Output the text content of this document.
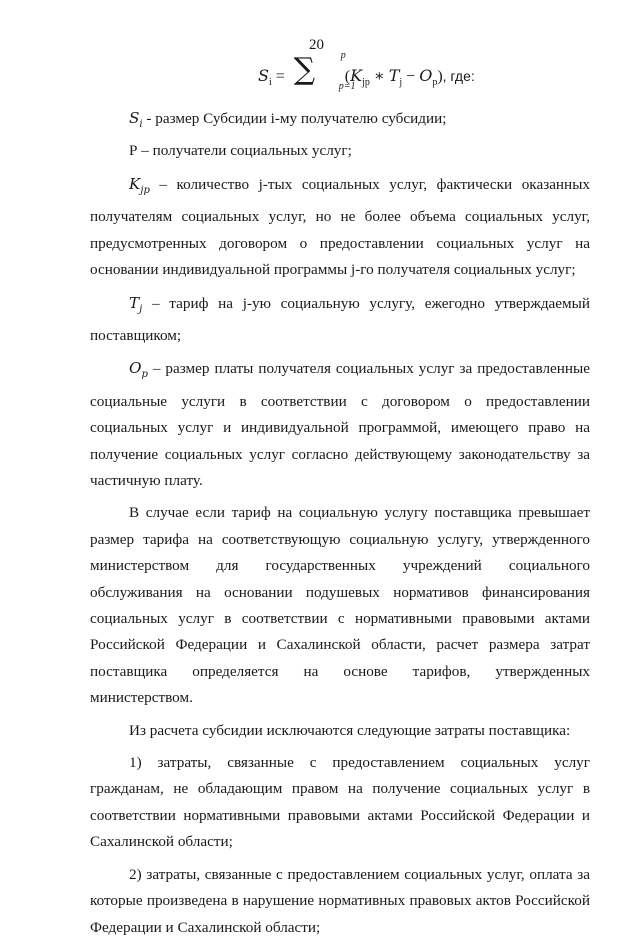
20
$S_i$ = ∑	p
p=1
($K_{jp}$ ∗ $T_j - O_p$), где:

$S_i$ - размер Субсидии i-му получателю субсидии;

Р – получатели социальных услуг;

$K_{jp}$ – количество j-тых социальных услуг, фактически оказанных получателям социальных услуг, но не более объема социальных услуг, предусмотренных договором о предоставлении социальных услуг на основании индивидуальной программы j-го получателя социальных услуг;

$T_j$ – тариф на j-ую социальную услугу, ежегодно утверждаемый поставщиком;

$O_p$ – размер платы получателя социальных услуг за предоставленные социальные услуги в соответствии с договором о предоставлении социальных услуг и индивидуальной программой, имеющего право на получение социальных услуг согласно действующему законодательству за частичную плату.

В случае если тариф на социальную услугу поставщика превышает размер тарифа на соответствующую социальную услугу, утвержденного министерством для государственных учреждений социального обслуживания на основании подушевых нормативов финансирования социальных услуг в соответствии с нормативными правовыми актами Российской Федерации и Сахалинской области, расчет размера затрат поставщика определяется на основе тарифов, утвержденных министерством.

Из расчета субсидии исключаются следующие затраты поставщика:

1) затраты, связанные с предоставлением социальных услуг гражданам, не обладающим правом на получение социальных услуг в соответствии нормативными правовыми актами Российской Федерации и Сахалинской области;

2) затраты, связанные с предоставлением социальных услуг, оплата за которые произведена в нарушение нормативных правовых актов Российской Федерации и Сахалинской области;
